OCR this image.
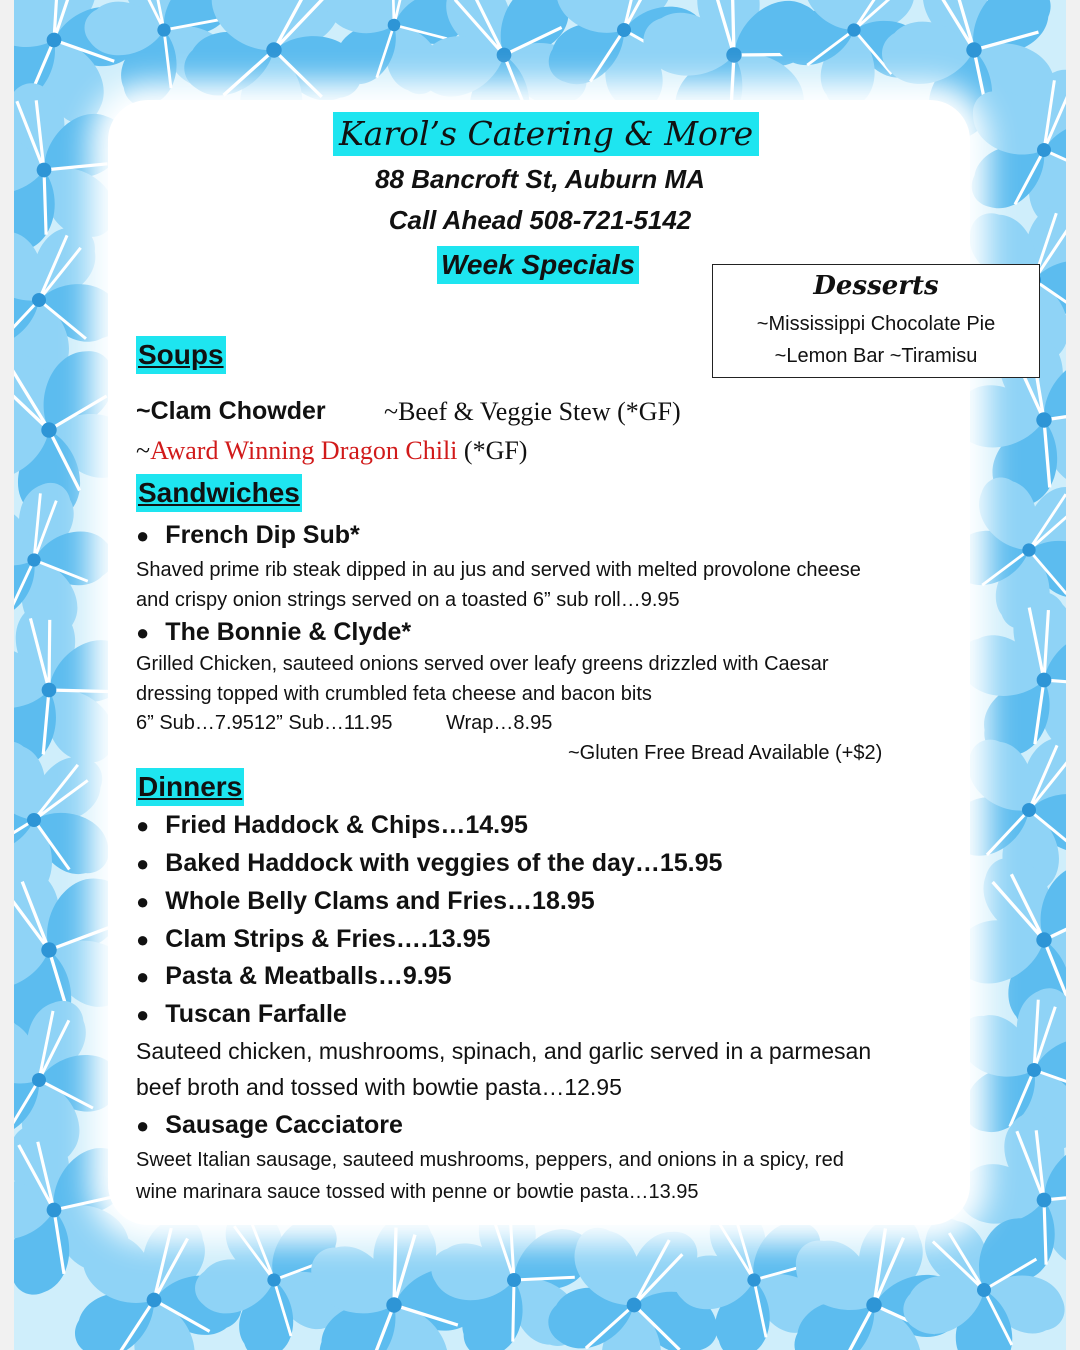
Karol’s Catering & More
88 Bancroft St, Auburn MA
Call Ahead 508-721-5142
Week Specials
Desserts
~Mississippi Chocolate Pie
~Lemon Bar ~Tiramisu
Soups
~Clam Chowder ~Beef & Veggie Stew (*GF)
~Award Winning Dragon Chili (*GF)
Sandwiches
● French Dip Sub*
Shaved prime rib steak dipped in au jus and served with melted provolone cheese
and crispy onion strings served on a toasted 6” sub roll…9.95
● The Bonnie & Clyde*
Grilled Chicken, sauteed onions served over leafy greens drizzled with Caesar
dressing topped with crumbled feta cheese and bacon bits
6” Sub…7.9512” Sub…11.95	Wrap…8.95
~Gluten Free Bread Available (+$2)
Dinners
● Fried Haddock & Chips…14.95
● Baked Haddock with veggies of the day…15.95
● Whole Belly Clams and Fries…18.95
● Clam Strips & Fries….13.95
● Pasta & Meatballs…9.95
● Tuscan Farfalle
Sauteed chicken, mushrooms, spinach, and garlic served in a parmesan
beef broth and tossed with bowtie pasta…12.95
● Sausage Cacciatore
Sweet Italian sausage, sauteed mushrooms, peppers, and onions in a spicy, red
wine marinara sauce tossed with penne or bowtie pasta…13.95
